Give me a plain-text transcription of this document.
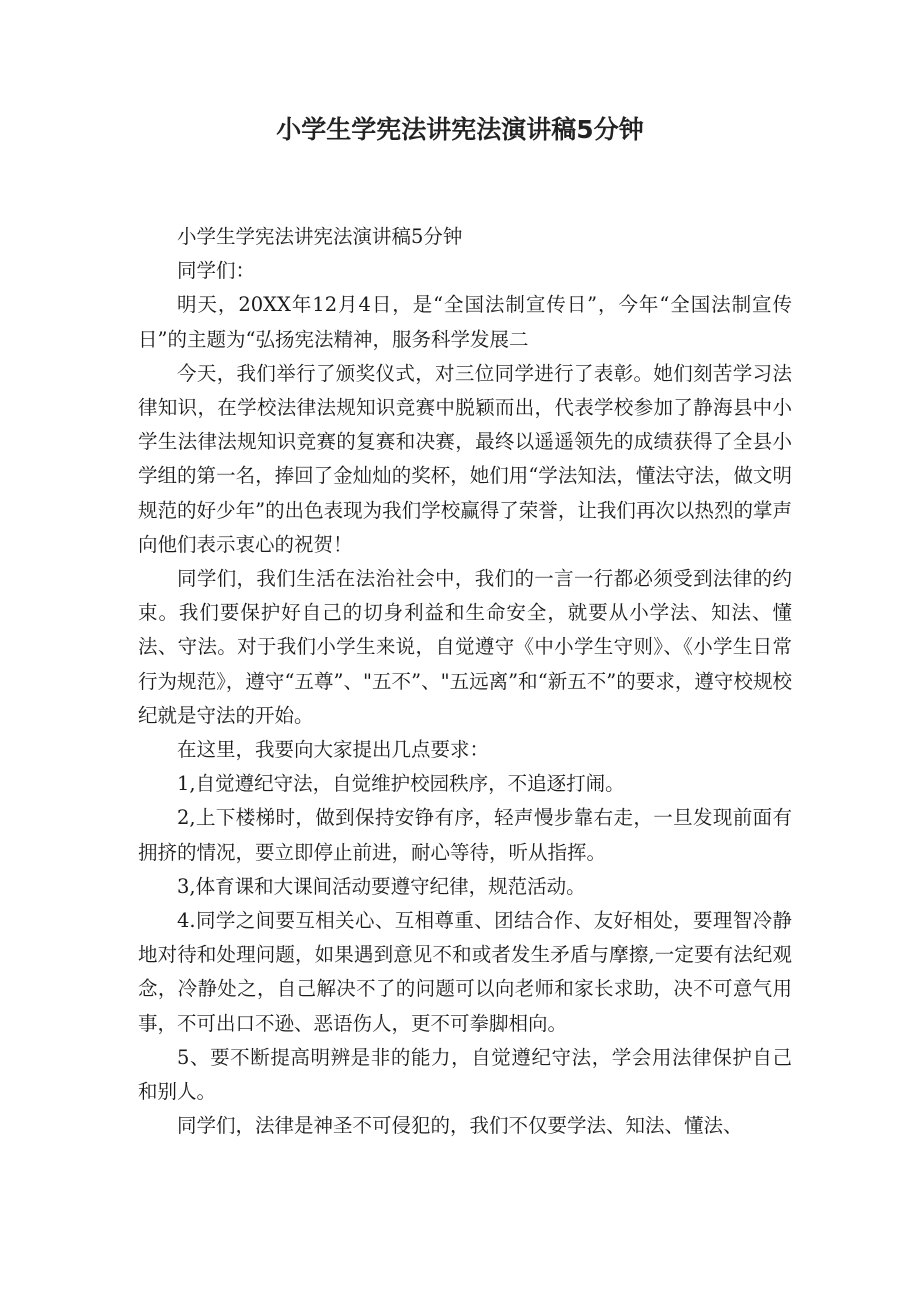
小学生学宪法讲宪法演讲稿5分钟

小学生学宪法讲宪法演讲稿5分钟

同学们：

明天，20XX年12月4日，是“全国法制宣传日”，今年“全国法制宣传日”的主题为“弘扬宪法精神，服务科学发展二

今天，我们举行了颁奖仪式，对三位同学进行了表彰。她们刻苦学习法律知识，在学校法律法规知识竞赛中脱颖而出，代表学校参加了静海县中小学生法律法规知识竞赛的复赛和决赛，最终以遥遥领先的成绩获得了全县小学组的第一名，捧回了金灿灿的奖杯，她们用“学法知法，懂法守法，做文明规范的好少年”的出色表现为我们学校赢得了荣誉，让我们再次以热烈的掌声向他们表示衷心的祝贺！

同学们，我们生活在法治社会中，我们的一言一行都必须受到法律的约束。我们要保护好自己的切身利益和生命安全，就要从小学法、知法、懂法、守法。对于我们小学生来说，自觉遵守《中小学生守则》、《小学生日常行为规范》，遵守“五尊”、"五不”、"五远离”和“新五不”的要求，遵守校规校纪就是守法的开始。

在这里，我要向大家提出几点要求：

1,自觉遵纪守法，自觉维护校园秩序，不追逐打闹。

2,上下楼梯时，做到保持安铮有序，轻声慢步靠右走，一旦发现前面有拥挤的情况，要立即停止前进，耐心等待，听从指挥。

3,体育课和大课间活动要遵守纪律，规范活动。

4.同学之间要互相关心、互相尊重、团结合作、友好相处，要理智冷静地对待和处理问题，如果遇到意见不和或者发生矛盾与摩擦,一定要有法纪观念，冷静处之，自己解决不了的问题可以向老师和家长求助，决不可意气用事，不可出口不逊、恶语伤人，更不可拳脚相向。

5、要不断提高明辨是非的能力，自觉遵纪守法，学会用法律保护自己和别人。

同学们，法律是神圣不可侵犯的，我们不仅要学法、知法、懂法、
